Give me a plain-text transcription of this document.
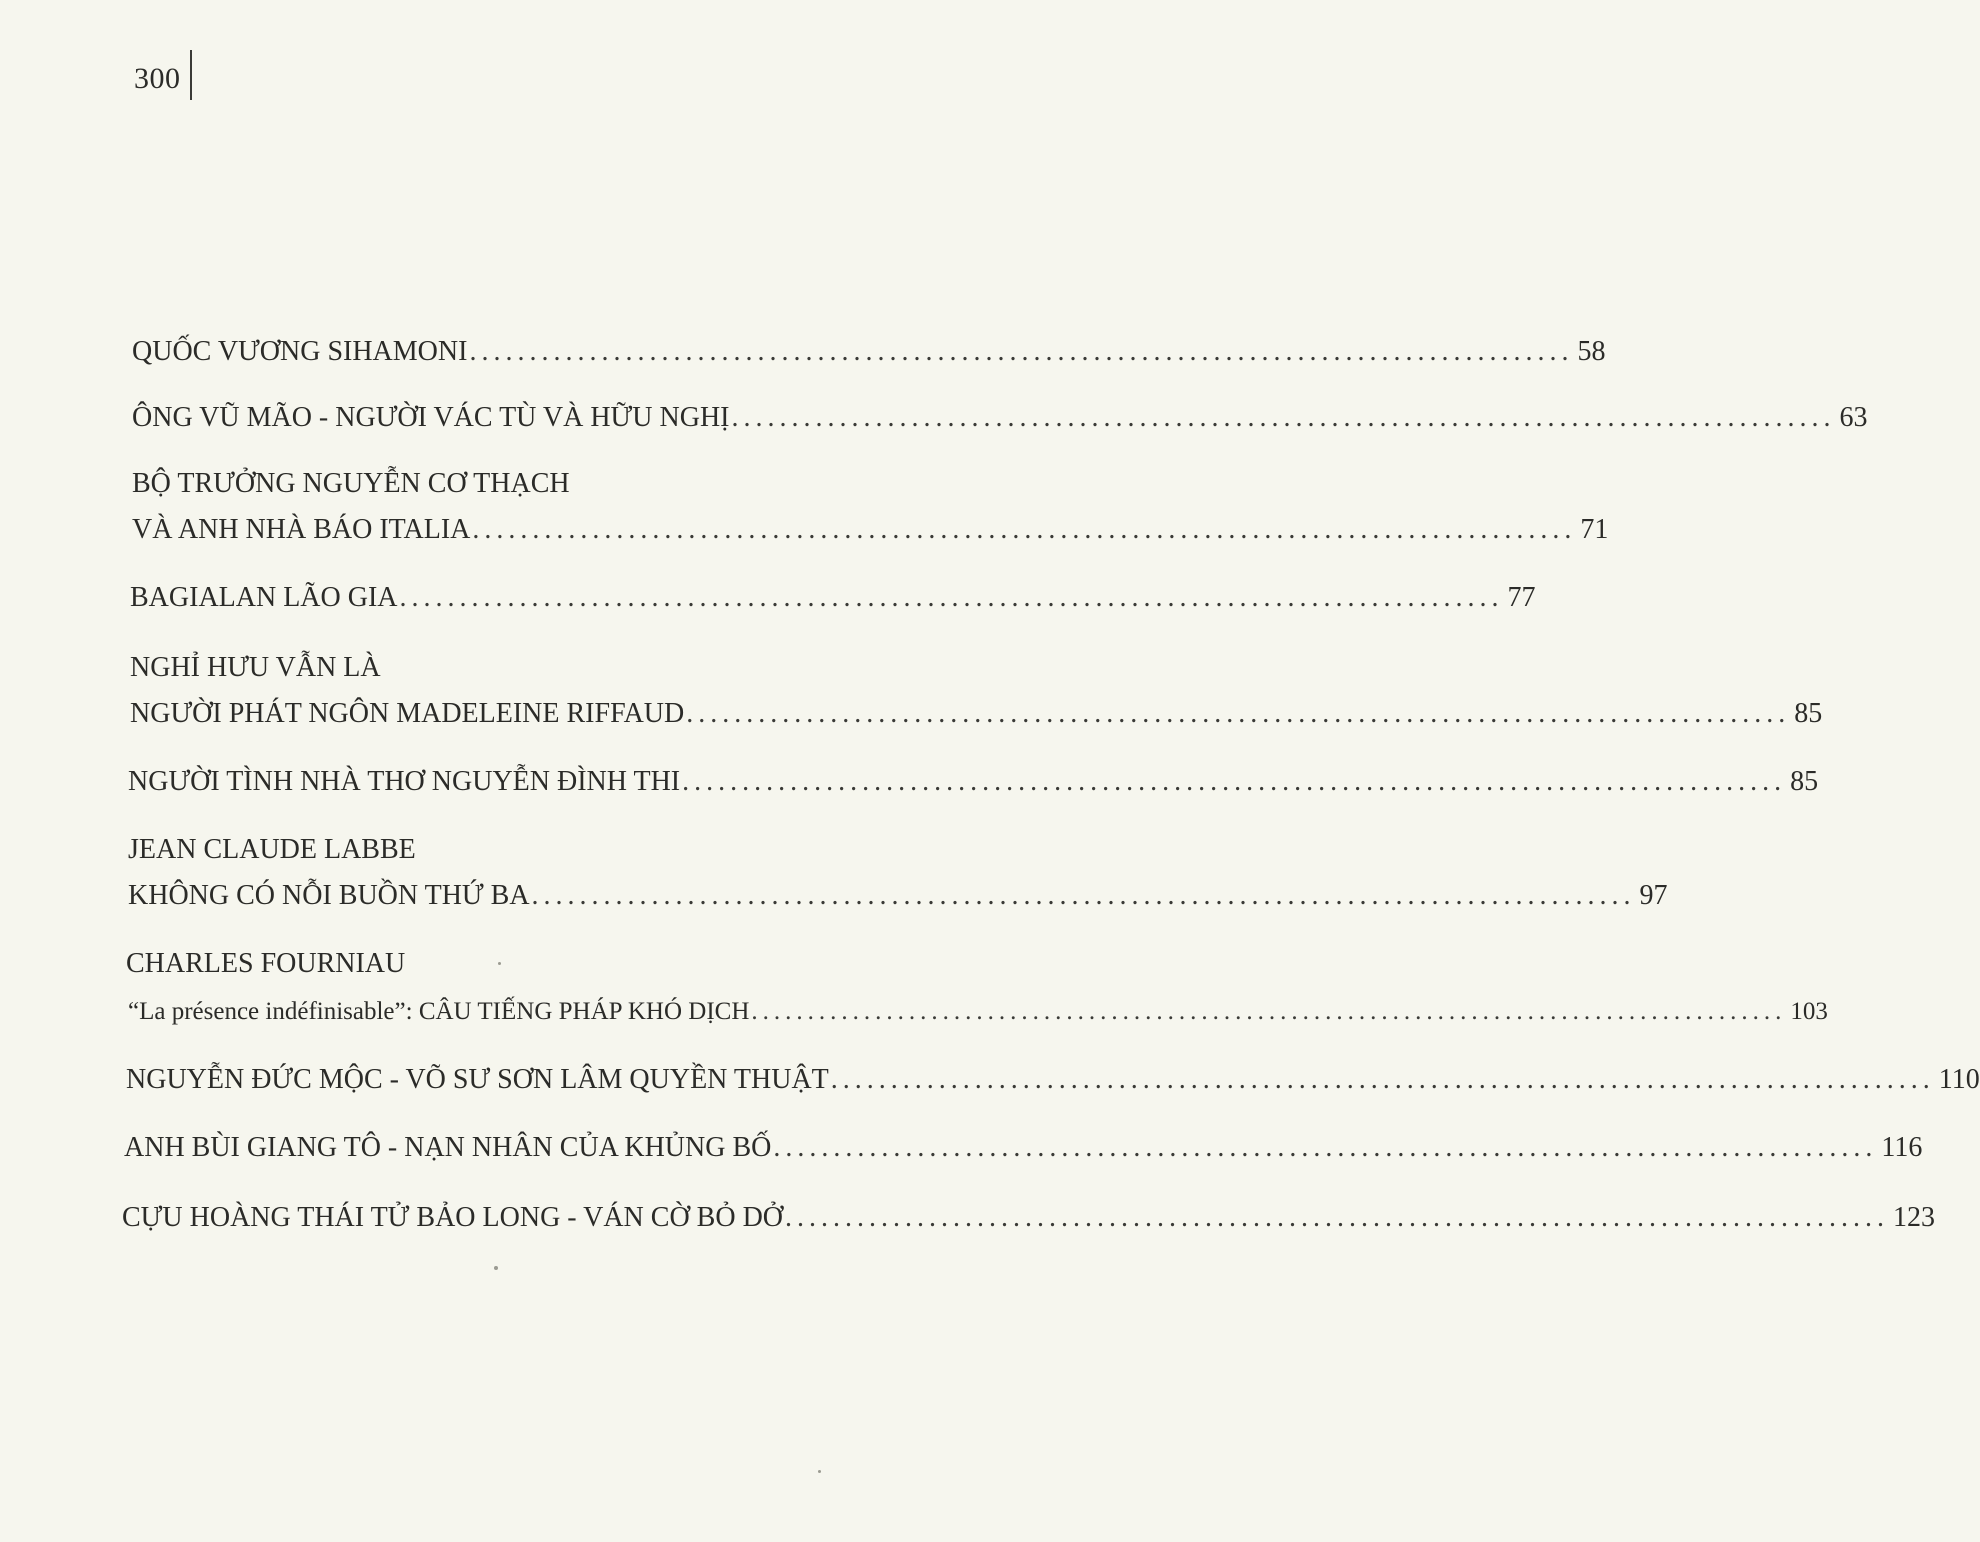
300
QUỐC VƯƠNG SIHAMONI ............................................................................................ 58
ÔNG VŨ MÃO - NGƯỜI VÁC TÙ VÀ HỮU NGHỊ ............................................................................................ 63
BỘ TRƯỞNG NGUYỄN CƠ THẠCH
VÀ ANH NHÀ BÁO ITALIA ............................................................................................ 71
BAGIALAN LÃO GIA ............................................................................................ 77
NGHỈ HƯU VẪN LÀ
NGƯỜI PHÁT NGÔN MADELEINE RIFFAUD ............................................................................................ 85
NGƯỜI TÌNH NHÀ THƠ NGUYỄN ĐÌNH THI ............................................................................................ 85
JEAN CLAUDE LABBE
KHÔNG CÓ NỖI BUỒN THỨ BA ............................................................................................ 97
CHARLES FOURNIAU
“La présence indéfinisable”: CÂU TIẾNG PHÁP KHÓ DỊCH ............................................................................................ 103
NGUYỄN ĐỨC MỘC - VÕ SƯ SƠN LÂM QUYỀN THUẬT ............................................................................................ 110
ANH BÙI GIANG TÔ - NẠN NHÂN CỦA KHỦNG BỐ ............................................................................................ 116
CỰU HOÀNG THÁI TỬ BẢO LONG - VÁN CỜ BỎ DỞ ............................................................................................ 123
